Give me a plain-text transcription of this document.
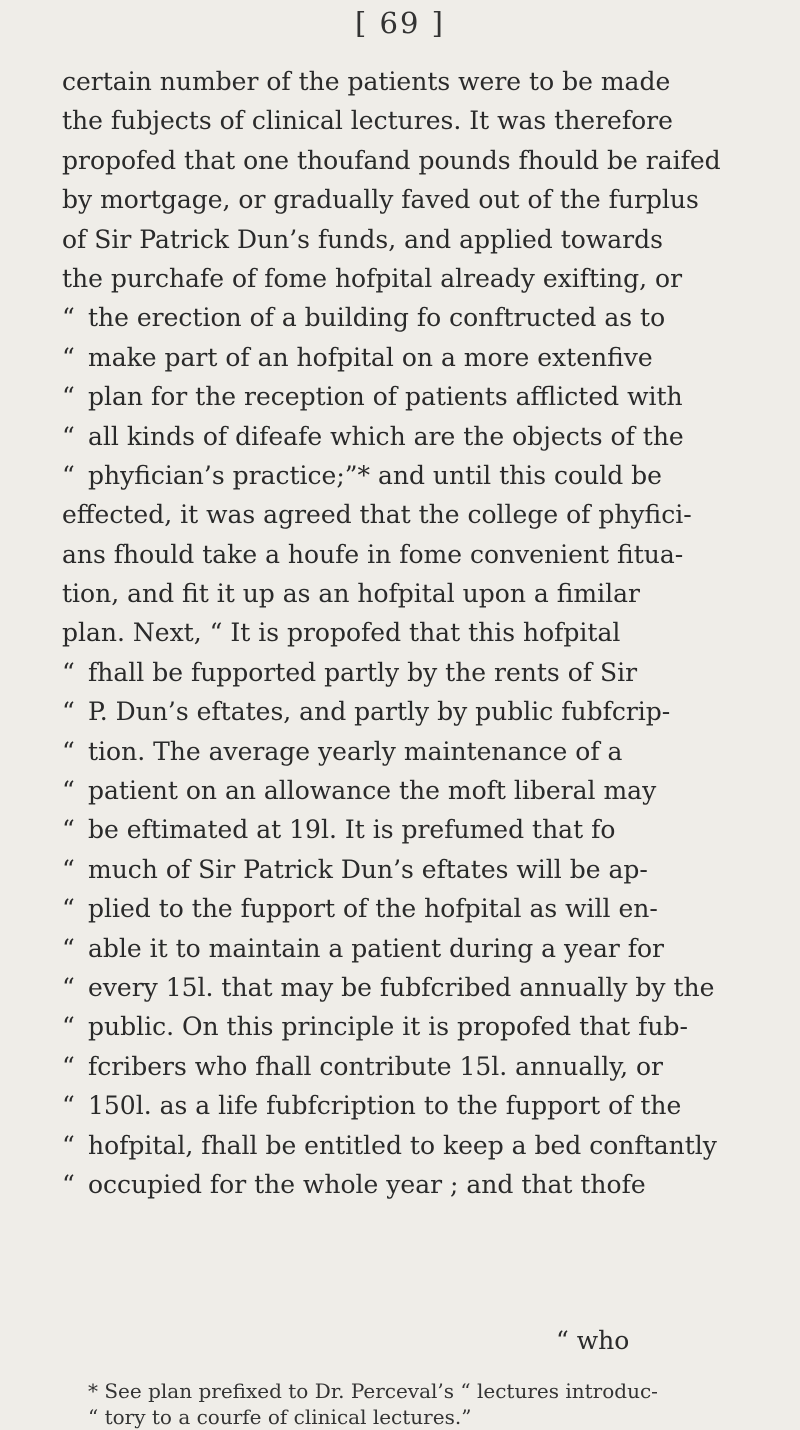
[ 69 ]
certain number of the patients were to be made
the fubjects of clinical lectures. It was therefore
propofed that one thoufand pounds fhould be raifed
by mortgage, or gradually faved out of the furplus
of Sir Patrick Dun’s funds, and applied towards
the purchafe of fome hofpital already exifting, or
“ the erection of a building fo conftructed as to
“ make part of an hofpital on a more extenfive
“ plan for the reception of patients afflicted with
“ all kinds of difeafe which are the objects of the
“ phyfician’s practice;”* and until this could be
effected, it was agreed that the college of phyfici-
ans fhould take a houfe in fome convenient fitua-
tion, and fit it up as an hofpital upon a fimilar
plan. Next, “ It is propofed that this hofpital
“ fhall be fupported partly by the rents of Sir
“ P. Dun’s eftates, and partly by public fubfcrip-
“ tion. The average yearly maintenance of a
“ patient on an allowance the moft liberal may
“ be eftimated at 19l. It is prefumed that fo
“ much of Sir Patrick Dun’s eftates will be ap-
“ plied to the fupport of the hofpital as will en-
“ able it to maintain a patient during a year for
“ every 15l. that may be fubfcribed annually by the
“ public. On this principle it is propofed that fub-
“ fcribers who fhall contribute 15l. annually, or
“ 150l. as a life fubfcription to the fupport of the
“ hofpital, fhall be entitled to keep a bed conftantly
“ occupied for the whole year ; and that thofe
“ who
* See plan prefixed to Dr. Perceval’s “ lectures introduc-
“ tory to a courfe of clinical lectures.”
